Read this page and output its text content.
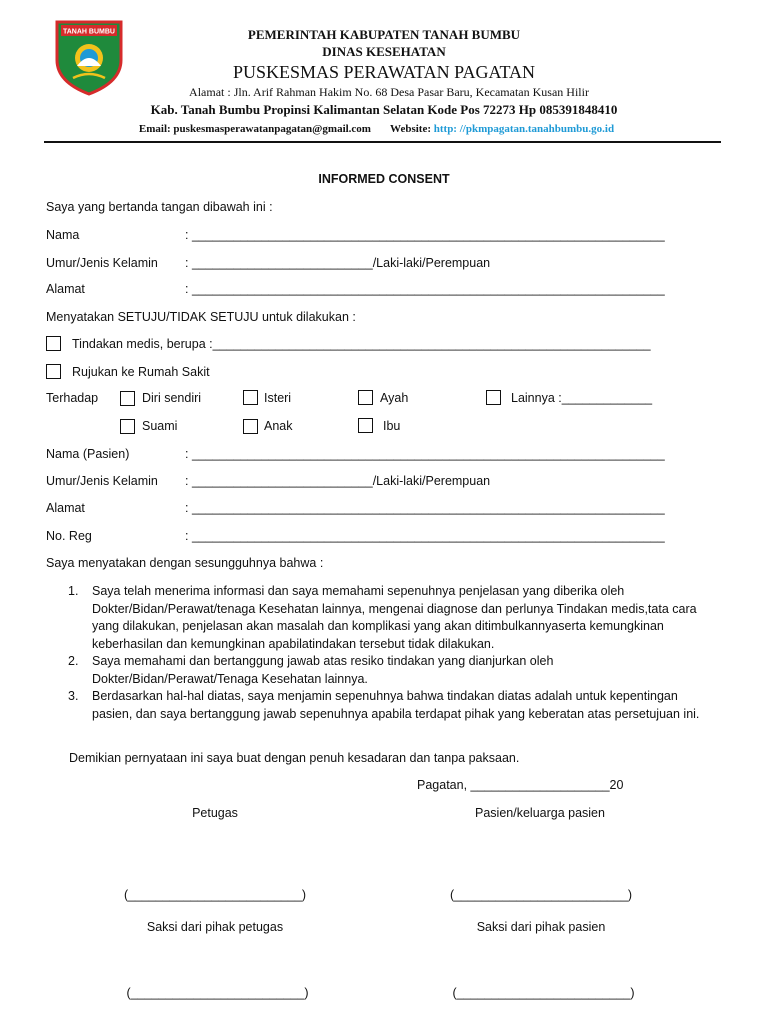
TANAH BUMBU	PEMERINTAH KABUPATEN TANAH BUMBU
DINAS KESEHATAN
PUSKESMAS PERAWATAN PAGATAN
Alamat : Jln. Arif Rahman Hakim No. 68 Desa Pasar Baru, Kecamatan Kusan Hilir
Kab. Tanah Bumbu Propinsi Kalimantan Selatan Kode Pos 72273 Hp 085391848410
Email: puskesmasperawatanpagatan@gmail.com Website: http: //pkmpagatan.tanahbumbu.go.id
INFORMED CONSENT
Saya yang bertanda tangan dibawah ini :
Nama	: ____________________________________________________________________
Umur/Jenis Kelamin : __________________________/Laki-laki/Perempuan
Alamat	: ____________________________________________________________________
Menyatakan SETUJU/TIDAK SETUJU untuk dilakukan :
Tindakan medis, berupa :_______________________________________________________________
Rujukan ke Rumah Sakit
Terhadap	Diri sendiri	Isteri	Ayah	Lainnya :_____________
Suami	Anak	Ibu
Nama (Pasien)	: ____________________________________________________________________
Umur/Jenis Kelamin : __________________________/Laki-laki/Perempuan
Alamat	: ____________________________________________________________________
No. Reg	: ____________________________________________________________________
Saya menyatakan dengan sesungguhnya bahwa :
1. Saya telah menerima informasi dan saya memahami sepenuhnya penjelasan yang diberika oleh Dokter/Bidan/Perawat/tenaga Kesehatan lainnya, mengenai diagnose dan perlunya Tindakan medis,tata cara yang dilakukan, penjelasan akan masalah dan komplikasi yang akan ditimbulkannyaserta kemungkinan keberhasilan dan kemungkinan apabilatindakan tersebut tidak dilakukan.
2. Saya memahami dan bertanggung jawab atas resiko tindakan yang dianjurkan oleh Dokter/Bidan/Perawat/Tenaga Kesehatan lainnya.
3. Berdasarkan hal-hal diatas, saya menjamin sepenuhnya bahwa tindakan diatas adalah untuk kepentingan pasien, dan saya bertanggung jawab sepenuhnya apabila terdapat pihak yang keberatan atas persetujuan ini.
Demikian pernyataan ini saya buat dengan penuh kesadaran dan tanpa paksaan.
Pagatan, ____________________20
Petugas	Pasien/keluarga pasien
(_________________________)	(_________________________)
Saksi dari pihak petugas	Saksi dari pihak pasien
(_________________________)	(_________________________)
